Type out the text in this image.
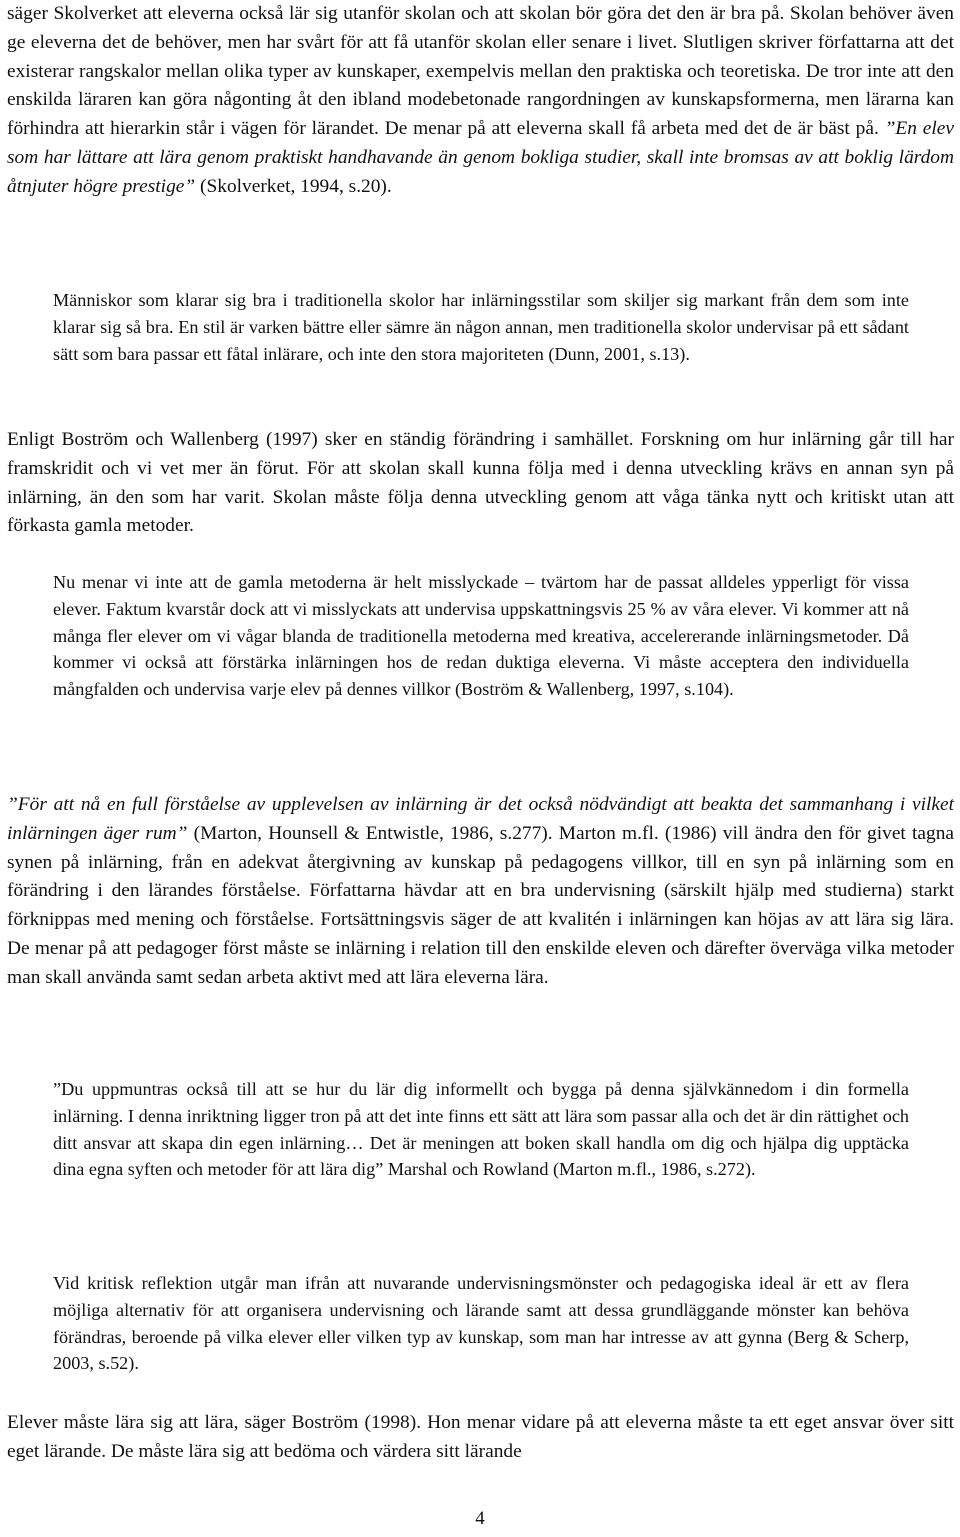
säger Skolverket att eleverna också lär sig utanför skolan och att skolan bör göra det den är bra på. Skolan behöver även ge eleverna det de behöver, men har svårt för att få utanför skolan eller senare i livet. Slutligen skriver författarna att det existerar rangskalor mellan olika typer av kunskaper, exempelvis mellan den praktiska och teoretiska. De tror inte att den enskilda läraren kan göra någonting åt den ibland modebetonade rangordningen av kunskapsformerna, men lärarna kan förhindra att hierarkin står i vägen för lärandet. De menar på att eleverna skall få arbeta med det de är bäst på. ”En elev som har lättare att lära genom praktiskt handhavande än genom bokliga studier, skall inte bromsas av att boklig lärdom åtnjuter högre prestige” (Skolverket, 1994, s.20).

Människor som klarar sig bra i traditionella skolor har inlärningsstilar som skiljer sig markant från dem som inte klarar sig så bra. En stil är varken bättre eller sämre än någon annan, men traditionella skolor undervisar på ett sådant sätt som bara passar ett fåtal inlärare, och inte den stora majoriteten (Dunn, 2001, s.13).

Enligt Boström och Wallenberg (1997) sker en ständig förändring i samhället. Forskning om hur inlärning går till har framskridit och vi vet mer än förut. För att skolan skall kunna följa med i denna utveckling krävs en annan syn på inlärning, än den som har varit. Skolan måste följa denna utveckling genom att våga tänka nytt och kritiskt utan att förkasta gamla metoder.

Nu menar vi inte att de gamla metoderna är helt misslyckade – tvärtom har de passat alldeles ypperligt för vissa elever. Faktum kvarstår dock att vi misslyckats att undervisa uppskattningsvis 25 % av våra elever. Vi kommer att nå många fler elever om vi vågar blanda de traditionella metoderna med kreativa, accelererande inlärningsmetoder. Då kommer vi också att förstärka inlärningen hos de redan duktiga eleverna. Vi måste acceptera den individuella mångfalden och undervisa varje elev på dennes villkor (Boström & Wallenberg, 1997, s.104).

”För att nå en full förståelse av upplevelsen av inlärning är det också nödvändigt att beakta det sammanhang i vilket inlärningen äger rum” (Marton, Hounsell & Entwistle, 1986, s.277). Marton m.fl. (1986) vill ändra den för givet tagna synen på inlärning, från en adekvat återgivning av kunskap på pedagogens villkor, till en syn på inlärning som en förändring i den lärandes förståelse. Författarna hävdar att en bra undervisning (särskilt hjälp med studierna) starkt förknippas med mening och förståelse. Fortsättningsvis säger de att kvalitén i inlärningen kan höjas av att lära sig lära. De menar på att pedagoger först måste se inlärning i relation till den enskilde eleven och därefter överväga vilka metoder man skall använda samt sedan arbeta aktivt med att lära eleverna lära.

”Du uppmuntras också till att se hur du lär dig informellt och bygga på denna självkännedom i din formella inlärning. I denna inriktning ligger tron på att det inte finns ett sätt att lära som passar alla och det är din rättighet och ditt ansvar att skapa din egen inlärning… Det är meningen att boken skall handla om dig och hjälpa dig upptäcka dina egna syften och metoder för att lära dig” Marshal och Rowland (Marton m.fl., 1986, s.272).

Vid kritisk reflektion utgår man ifrån att nuvarande undervisningsmönster och pedagogiska ideal är ett av flera möjliga alternativ för att organisera undervisning och lärande samt att dessa grundläggande mönster kan behöva förändras, beroende på vilka elever eller vilken typ av kunskap, som man har intresse av att gynna (Berg & Scherp, 2003, s.52).

Elever måste lära sig att lära, säger Boström (1998). Hon menar vidare på att eleverna måste ta ett eget ansvar över sitt eget lärande. De måste lära sig att bedöma och värdera sitt lärande

4
